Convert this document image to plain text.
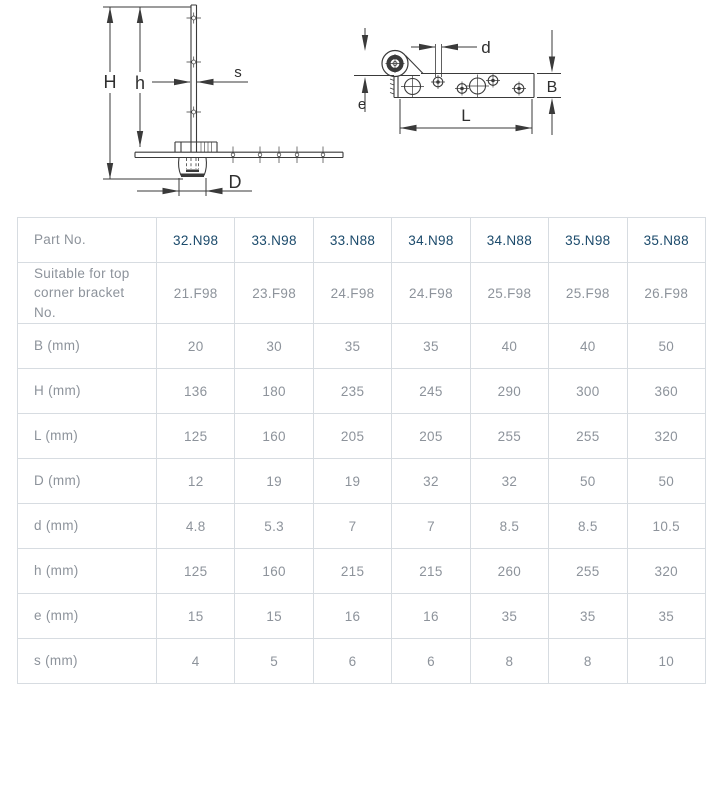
H h
s
D
d
e
B
L
Part No.	32.N98	33.N98	33.N88	34.N98	34.N88	35.N98	35.N88
Suitable for top corner bracket No.	21.F98	23.F98	24.F98	24.F98	25.F98	25.F98	26.F98
B (mm)	20	30	35	35	40	40	50
H (mm)	136	180	235	245	290	300	360
L (mm)	125	160	205	205	255	255	320
D (mm)	12	19	19	32	32	50	50
d (mm)	4.8	5.3	7	7	8.5	8.5	10.5
h (mm)	125	160	215	215	260	255	320
e (mm)	15	15	16	16	35	35	35
s (mm)	4	5	6	6	8	8	10
